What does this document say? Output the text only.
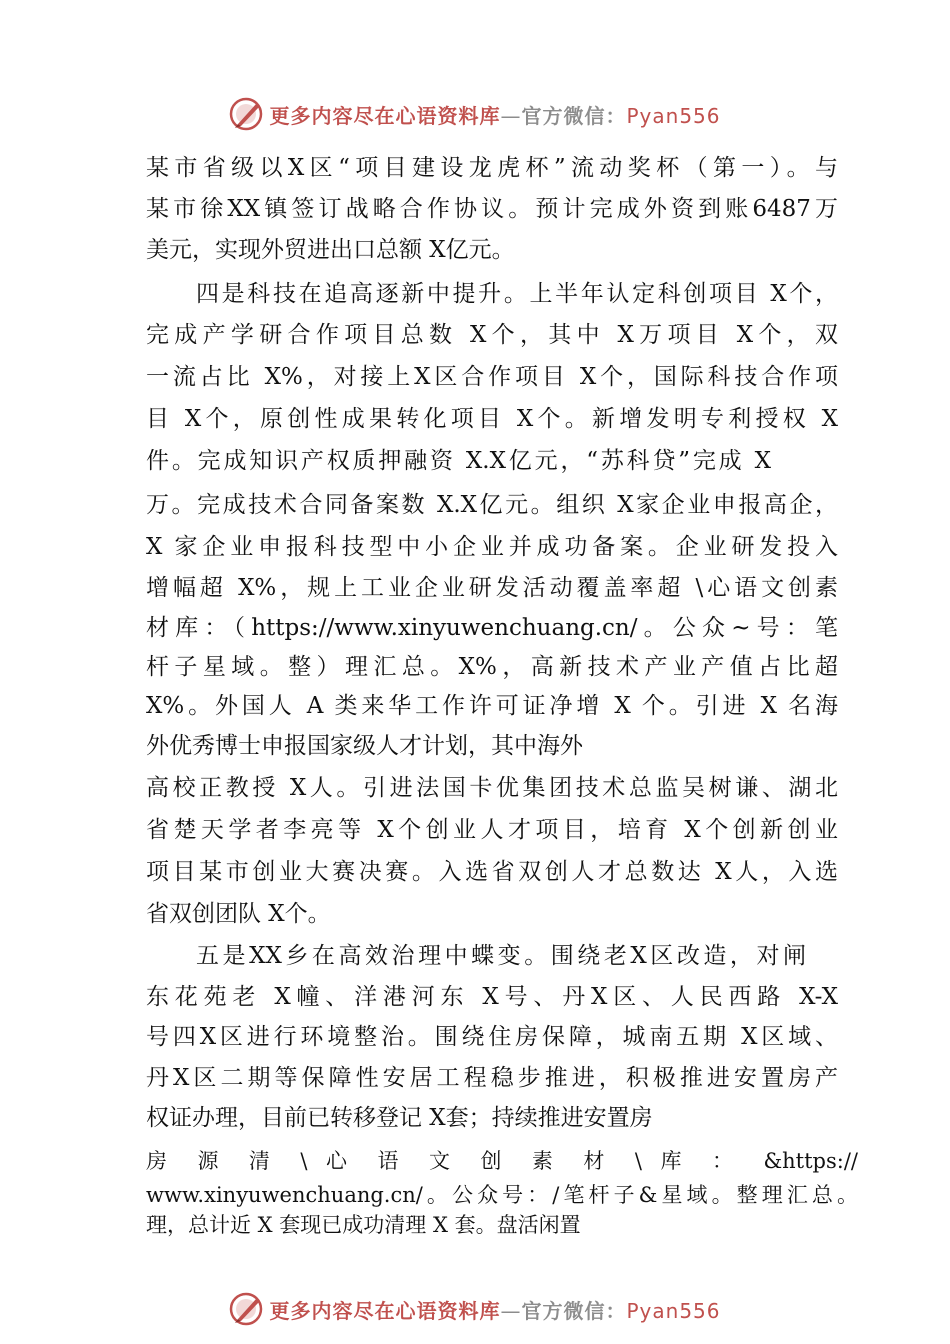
更多内容尽在心语资料库—官方微信：Pyan556
某市省级以X区“项目建设龙虎杯”流动奖杯（第一）。与
某市徐XX镇签订战略合作协议。预计完成外资到账6487万
美元，实现外贸进出口总额 X亿元。
四是科技在追高逐新中提升。上半年认定科创项目 X个，
完成产学研合作项目总数 X个，其中 X万项目 X个，双
一流占比 X%，对接上X区合作项目 X个，国际科技合作项
目 X个，原创性成果转化项目 X个。新增发明专利授权 X
件。完成知识产权质押融资 X.X亿元，“苏科贷”完成 X
万。完成技术合同备案数 X.X亿元。组织 X家企业申报高企，
X 家企业申报科技型中小企业并成功备案。企业研发投入
增幅超 X%，规上工业企业研发活动覆盖率超 \心语文创素
材库：（https://www.xinyuwenchuang.cn/。公众~号：笔
杆子星域。整）理汇总。X%，高新技术产业产值占比超
X%。外国人 A 类来华工作许可证净增 X 个。引进 X 名海
外优秀博士申报国家级人才计划，其中海外
高校正教授 X人。引进法国卡优集团技术总监吴树谦、湖北
省楚天学者李亮等 X个创业人才项目，培育 X个创新创业
项目某市创业大赛决赛。入选省双创人才总数达 X人，入选
省双创团队 X个。
五是XX乡在高效治理中蝶变。围绕老X区改造，对闸
东花苑老 X幢、洋港河东 X号、丹X区、人民西路 X-X
号四X区进行环境整治。围绕住房保障，城南五期 X区域、
丹X区二期等保障性安居工程稳步推进，积极推进安置房产
权证办理，目前已转移登记 X套；持续推进安置房
房 源 清 \ 心 语 文 创 素 材 \ 库 ： &https://
www.xinyuwenchuang.cn/。公众号：/笔杆子&星域。整理汇总。
理，总计近 X 套现已成功清理 X 套。盘活闲置
更多内容尽在心语资料库—官方微信：Pyan556
